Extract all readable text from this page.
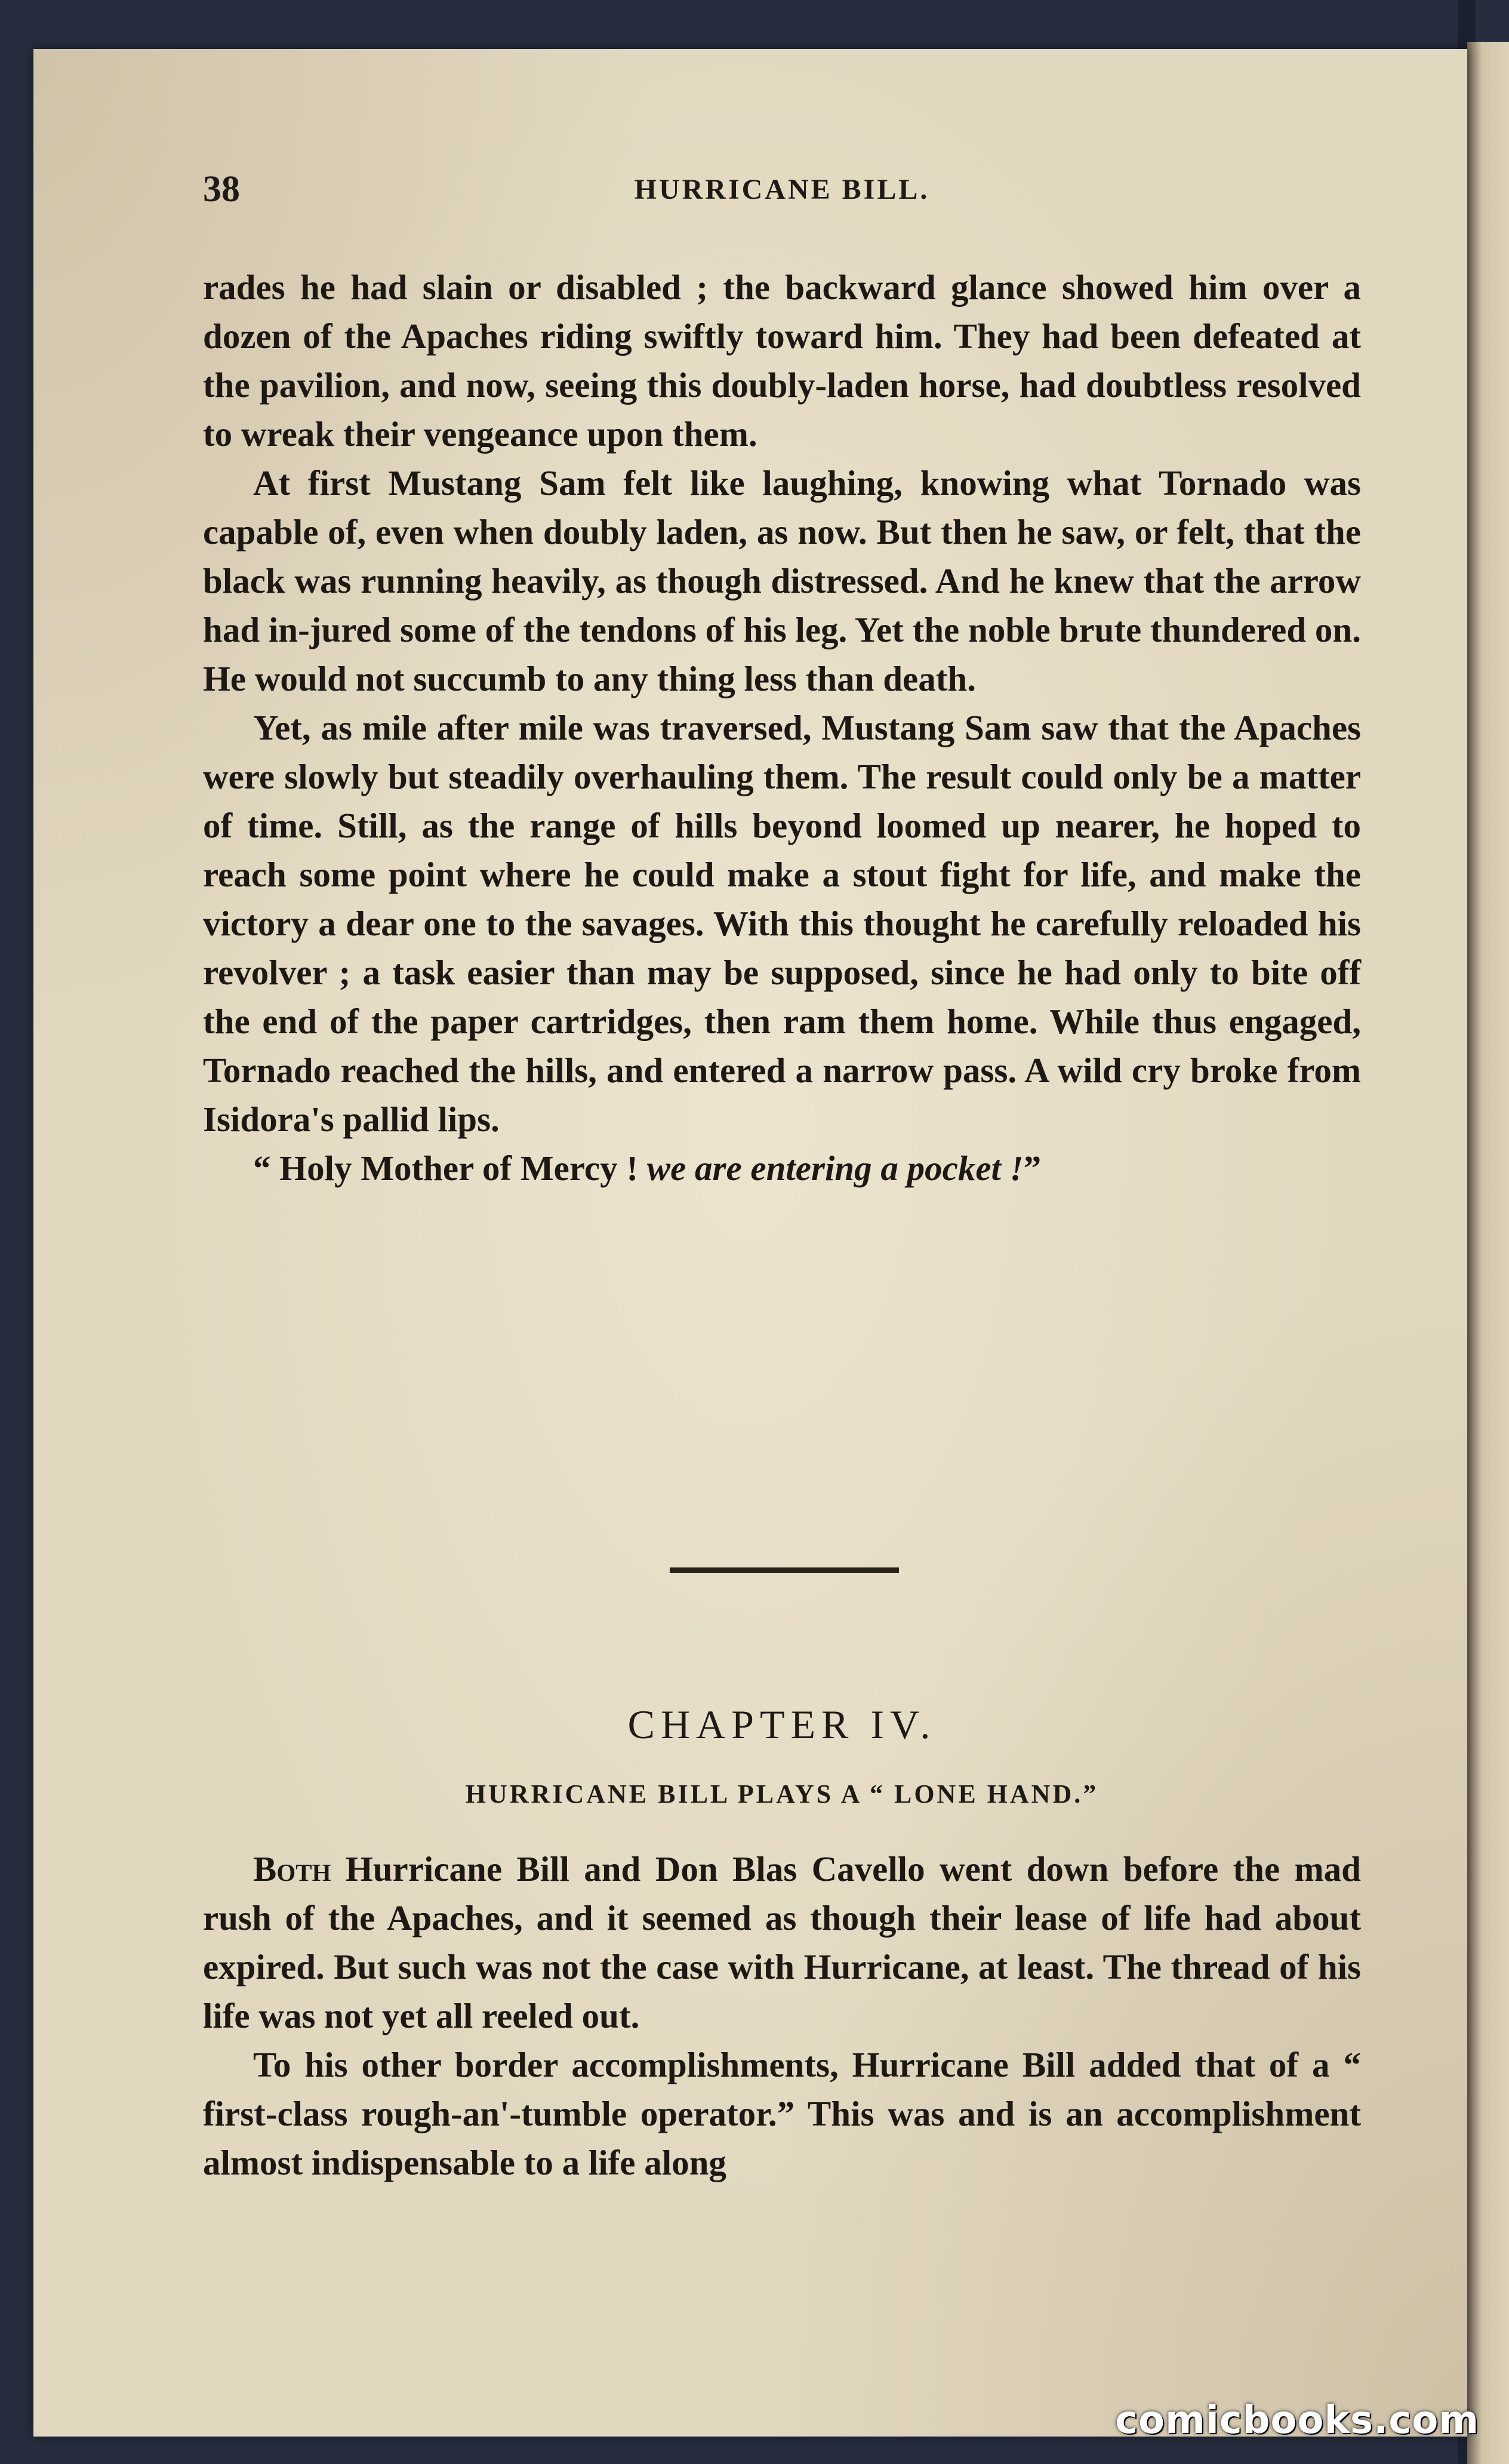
38	HURRICANE BILL.

rades he had slain or disabled ; the backward glance showed him over a dozen of the Apaches riding swiftly toward him. They had been defeated at the pavilion, and now, seeing this doubly-laden horse, had doubtless resolved to wreak their vengeance upon them.

At first Mustang Sam felt like laughing, knowing what Tornado was capable of, even when doubly laden, as now. But then he saw, or felt, that the black was running heavily, as though distressed. And he knew that the arrow had in-jured some of the tendons of his leg. Yet the noble brute thundered on. He would not succumb to any thing less than death.

Yet, as mile after mile was traversed, Mustang Sam saw that the Apaches were slowly but steadily overhauling them. The result could only be a matter of time. Still, as the range of hills beyond loomed up nearer, he hoped to reach some point where he could make a stout fight for life, and make the victory a dear one to the savages. With this thought he carefully reloaded his revolver ; a task easier than may be supposed, since he had only to bite off the end of the paper cartridges, then ram them home. While thus engaged, Tornado reached the hills, and entered a narrow pass. A wild cry broke from Isidora's pallid lips.

“ Holy Mother of Mercy ! we are entering a pocket !”

CHAPTER IV.
HURRICANE BILL PLAYS A “ LONE HAND.”

Both Hurricane Bill and Don Blas Cavello went down before the mad rush of the Apaches, and it seemed as though their lease of life had about expired. But such was not the case with Hurricane, at least. The thread of his life was not yet all reeled out.

To his other border accomplishments, Hurricane Bill added that of a “ first-class rough-an'-tumble operator.” This was and is an accomplishment almost indispensable to a life along

comicbooks.com
